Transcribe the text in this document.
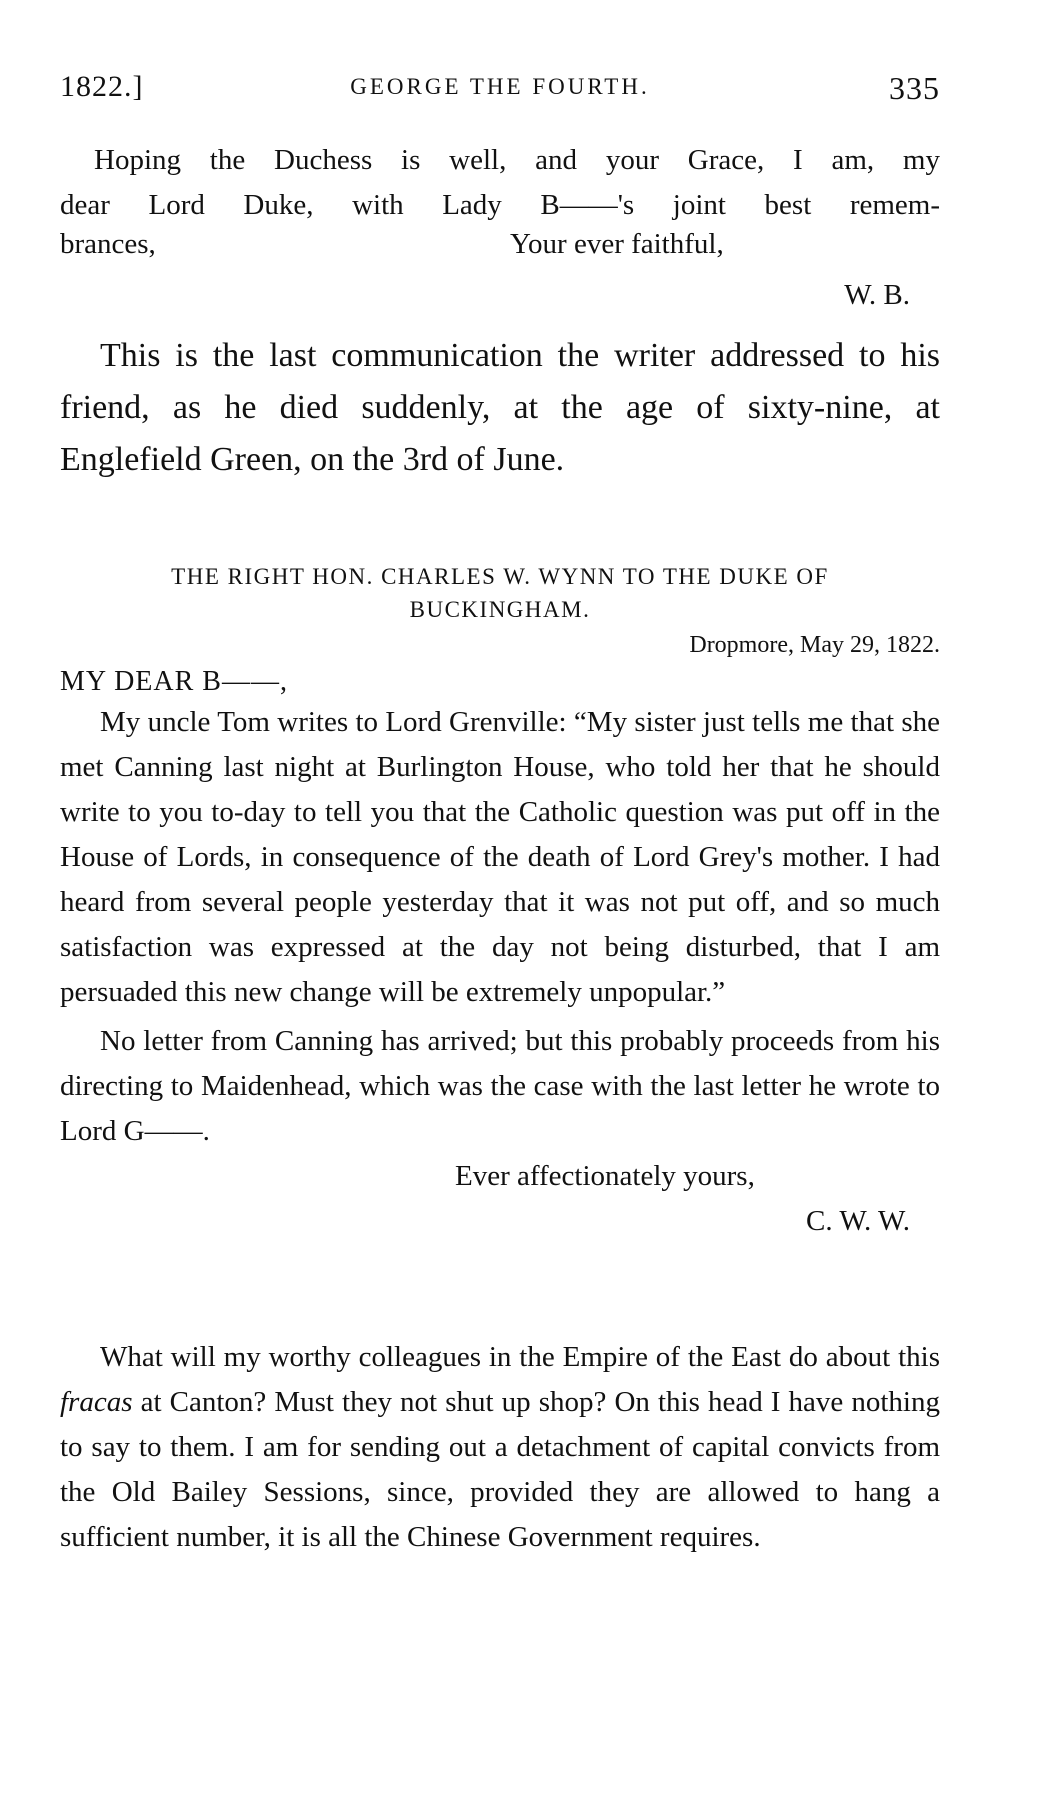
1822.]	GEORGE THE FOURTH.	335

Hoping the Duchess is well, and your Grace, I am, my

dear Lord Duke, with Lady B——'s joint best remem-

brances,	Your ever faithful,

W. B.

This is the last communication the writer addressed to his friend, as he died suddenly, at the age of sixty-nine, at Englefield Green, on the 3rd of June.

THE RIGHT HON. CHARLES W. WYNN TO THE DUKE OF BUCKINGHAM.

Dropmore, May 29, 1822.

MY DEAR B——,

My uncle Tom writes to Lord Grenville: “My sister just tells me that she met Canning last night at Burlington House, who told her that he should write to you to-day to tell you that the Catholic question was put off in the House of Lords, in consequence of the death of Lord Grey's mother. I had heard from several people yesterday that it was not put off, and so much satisfaction was expressed at the day not being disturbed, that I am persuaded this new change will be extremely unpopular.”

No letter from Canning has arrived; but this probably proceeds from his directing to Maidenhead, which was the case with the last letter he wrote to Lord G——.

Ever affectionately yours,

C. W. W.

What will my worthy colleagues in the Empire of the East do about this fracas at Canton? Must they not shut up shop? On this head I have nothing to say to them. I am for sending out a detachment of capital convicts from the Old Bailey Sessions, since, provided they are allowed to hang a sufficient number, it is all the Chinese Government requires.
